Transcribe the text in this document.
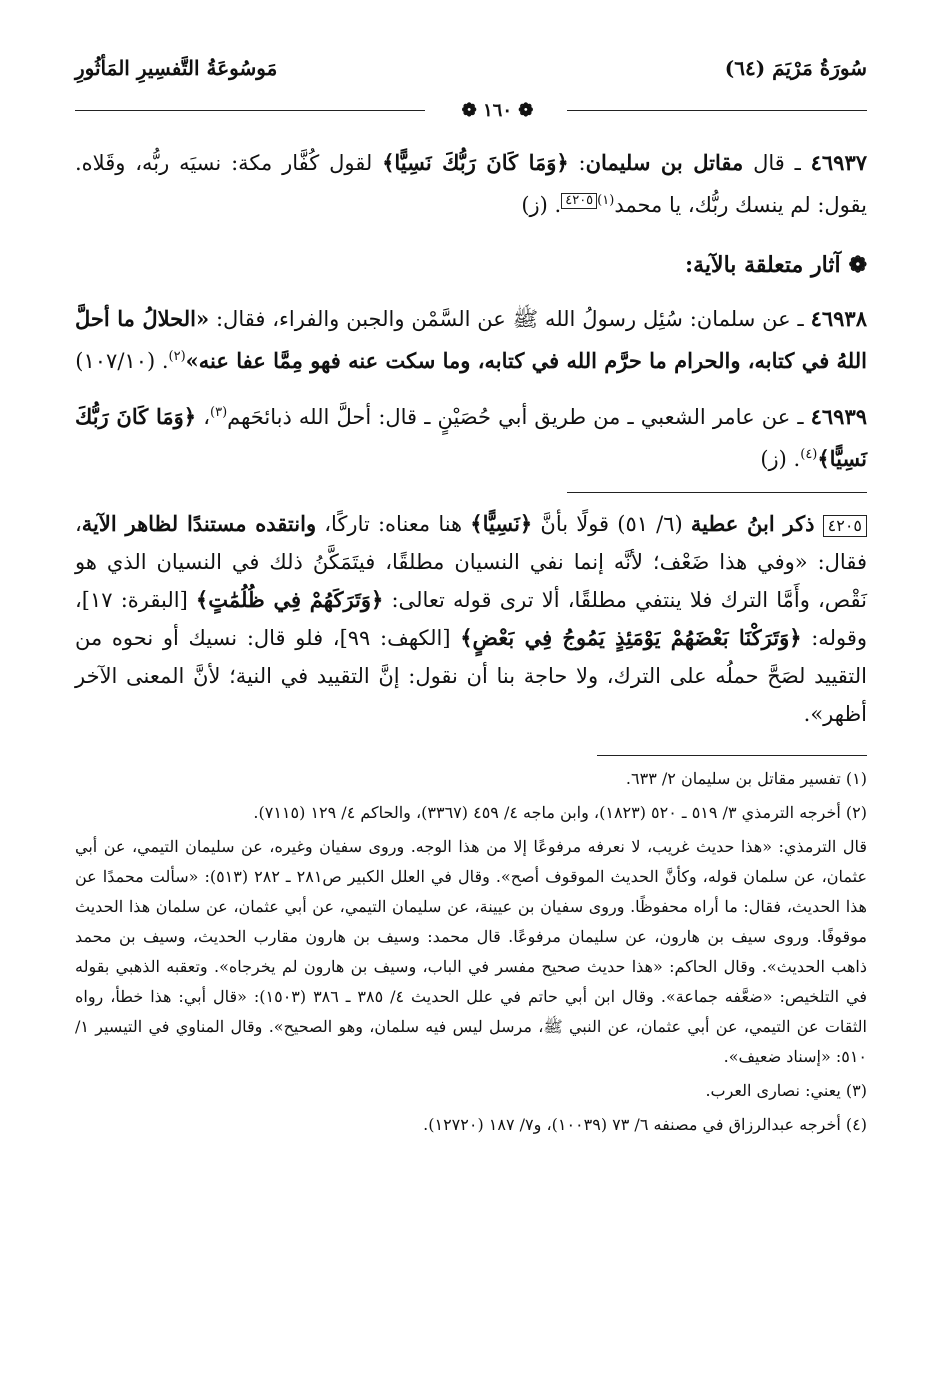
سُورَةُ مَرْيَمَ (٦٤)
مَوسُوعَةُ التَّفسِيرِ المَأثُورِ
❁ ١٦٠ ❁

٤٦٩٣٧ ـ قال مقاتل بن سليمان: ﴿وَمَا كَانَ رَبُّكَ نَسِيًّا﴾ لقول كُفَّار مكة: نسيَه ربُّه، وقَلاه. يقول: لم ينسك ربُّك، يا محمد$^{(١)}$٤٢٠٥. (ز)

❁آثار متعلقة بالآية:

٤٦٩٣٨ ـ عن سلمان: سُئِل رسولُ الله ﷺ عن السَّمْن والجبن والفراء، فقال: «الحلالُ ما أحلَّ اللهُ في كتابه، والحرام ما حرَّم الله في كتابه، وما سكت عنه فهو مِمَّا عفا عنه»$^{(٢)}$. (١٠٧/١٠)

٤٦٩٣٩ ـ عن عامر الشعبي ـ من طريق أبي حُصَيْنٍ ـ قال: أحلَّ الله ذبائحَهم$^{(٣)}$، ﴿وَمَا كَانَ رَبُّكَ نَسِيًّا﴾$^{(٤)}$. (ز)

٤٢٠٥ ذكر ابنُ عطية (٦/ ٥١) قولًا بأنَّ ﴿نَسِيًّا﴾ هنا معناه: تاركًا، وانتقده مستندًا لظاهر الآية، فقال: «وفي هذا ضَعْف؛ لأنَّه إنما نفي النسيان مطلقًا، فيتَمَكَّنُ ذلك في النسيان الذي هو نَقْص، وأَمَّا الترك فلا ينتفي مطلقًا، ألا ترى قوله تعالى: ﴿وَتَرَكَهُمْ فِي ظُلُمَٰتٍ﴾ [البقرة: ١٧]، وقوله: ﴿وَتَرَكْنَا بَعْضَهُمْ يَوْمَئِذٍ يَمُوجُ فِي بَعْضٍ﴾ [الكهف: ٩٩]، فلو قال: نسيك أو نحوه من التقييد لصَحَّ حملُه على الترك، ولا حاجة بنا أن نقول: إنَّ التقييد في النية؛ لأنَّ المعنى الآخر أظهر».

(١) تفسير مقاتل بن سليمان ٢/ ٦٣٣.

(٢) أخرجه الترمذي ٣/ ٥١٩ ـ ٥٢٠ (١٨٢٣)، وابن ماجه ٤/ ٤٥٩ (٣٣٦٧)، والحاكم ٤/ ١٢٩ (٧١١٥).

قال الترمذي: «هذا حديث غريب، لا نعرفه مرفوعًا إلا من هذا الوجه. وروى سفيان وغيره، عن سليمان التيمي، عن أبي عثمان، عن سلمان قوله، وكأنَّ الحديث الموقوف أصح». وقال في العلل الكبير ص٢٨١ ـ ٢٨٢ (٥١٣): «سألت محمدًا عن هذا الحديث، فقال: ما أراه محفوظًا. وروى سفيان بن عيينة، عن سليمان التيمي، عن أبي عثمان، عن سلمان هذا الحديث موقوفًا. وروى سيف بن هارون، عن سليمان مرفوعًا. قال محمد: وسيف بن هارون مقارب الحديث، وسيف بن محمد ذاهب الحديث». وقال الحاكم: «هذا حديث صحيح مفسر في الباب، وسيف بن هارون لم يخرجاه». وتعقبه الذهبي بقوله في التلخيص: «ضعَّفه جماعة». وقال ابن أبي حاتم في علل الحديث ٤/ ٣٨٥ ـ ٣٨٦ (١٥٠٣): «قال أبي: هذا خطأ، رواه الثقات عن التيمي، عن أبي عثمان، عن النبي ﷺ، مرسل ليس فيه سلمان، وهو الصحيح». وقال المناوي في التيسير ١/ ٥١٠: «إسناد ضعيف».

(٣) يعني: نصارى العرب.

(٤) أخرجه عبدالرزاق في مصنفه ٦/ ٧٣ (١٠٠٣٩)، و٧/ ١٨٧ (١٢٧٢٠).
